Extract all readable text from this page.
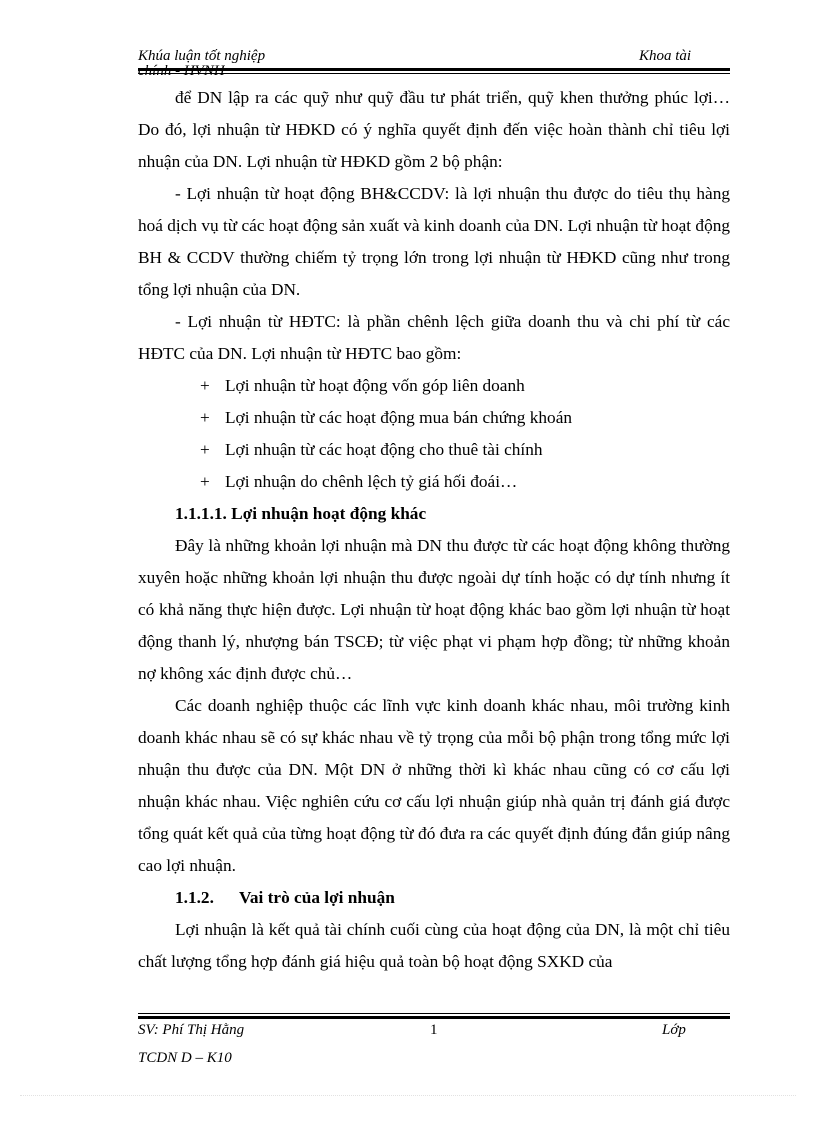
Khúa luận tốt nghiệp	Khoa tài
chính - HVNH

để DN lập ra các quỹ như quỹ đầu tư phát triển, quỹ khen thưởng phúc lợi… Do đó, lợi nhuận từ HĐKD có ý nghĩa quyết định đến việc hoàn thành chỉ tiêu lợi nhuận của DN. Lợi nhuận từ HĐKD gồm 2 bộ phận:

- Lợi nhuận từ hoạt động BH&CCDV: là lợi nhuận thu được do tiêu thụ hàng hoá dịch vụ từ các hoạt động sản xuất và kinh doanh của DN. Lợi nhuận từ hoạt động BH & CCDV thường chiếm tỷ trọng lớn trong lợi nhuận từ HĐKD cũng như trong tổng lợi nhuận của DN.

- Lợi nhuận từ HĐTC: là phần chênh lệch giữa doanh thu và chi phí từ các HĐTC của DN. Lợi nhuận từ HĐTC bao gồm:

+ Lợi nhuận từ hoạt động vốn góp liên doanh

+ Lợi nhuận từ các hoạt động mua bán chứng khoán

+ Lợi nhuận từ các hoạt động cho thuê tài chính

+ Lợi nhuận do chênh lệch tỷ giá hối đoái…

1.1.1.1. Lợi nhuận hoạt động khác

Đây là những khoản lợi nhuận mà DN thu được từ các hoạt động không thường xuyên hoặc những khoản lợi nhuận thu được ngoài dự tính hoặc có dự tính nhưng ít có khả năng thực hiện được. Lợi nhuận từ hoạt động khác bao gồm lợi nhuận từ hoạt động thanh lý, nhượng bán TSCĐ; từ việc phạt vi phạm hợp đồng; từ những khoản nợ không xác định được chủ…

Các doanh nghiệp thuộc các lĩnh vực kinh doanh khác nhau, môi trường kinh doanh khác nhau sẽ có sự khác nhau về tỷ trọng của mỗi bộ phận trong tổng mức lợi nhuận thu được của DN. Một DN ở những thời kì khác nhau cũng có cơ cấu lợi nhuận khác nhau. Việc nghiên cứu cơ cấu lợi nhuận giúp nhà quản trị đánh giá được tổng quát kết quả của từng hoạt động từ đó đưa ra các quyết định đúng đắn giúp nâng cao lợi nhuận.

1.1.2. Vai trò của lợi nhuận

Lợi nhuận là kết quả tài chính cuối cùng của hoạt động của DN, là một chỉ tiêu chất lượng tổng hợp đánh giá hiệu quả toàn bộ hoạt động SXKD của

SV: Phí Thị Hằng	1	Lớp
TCDN D – K10
